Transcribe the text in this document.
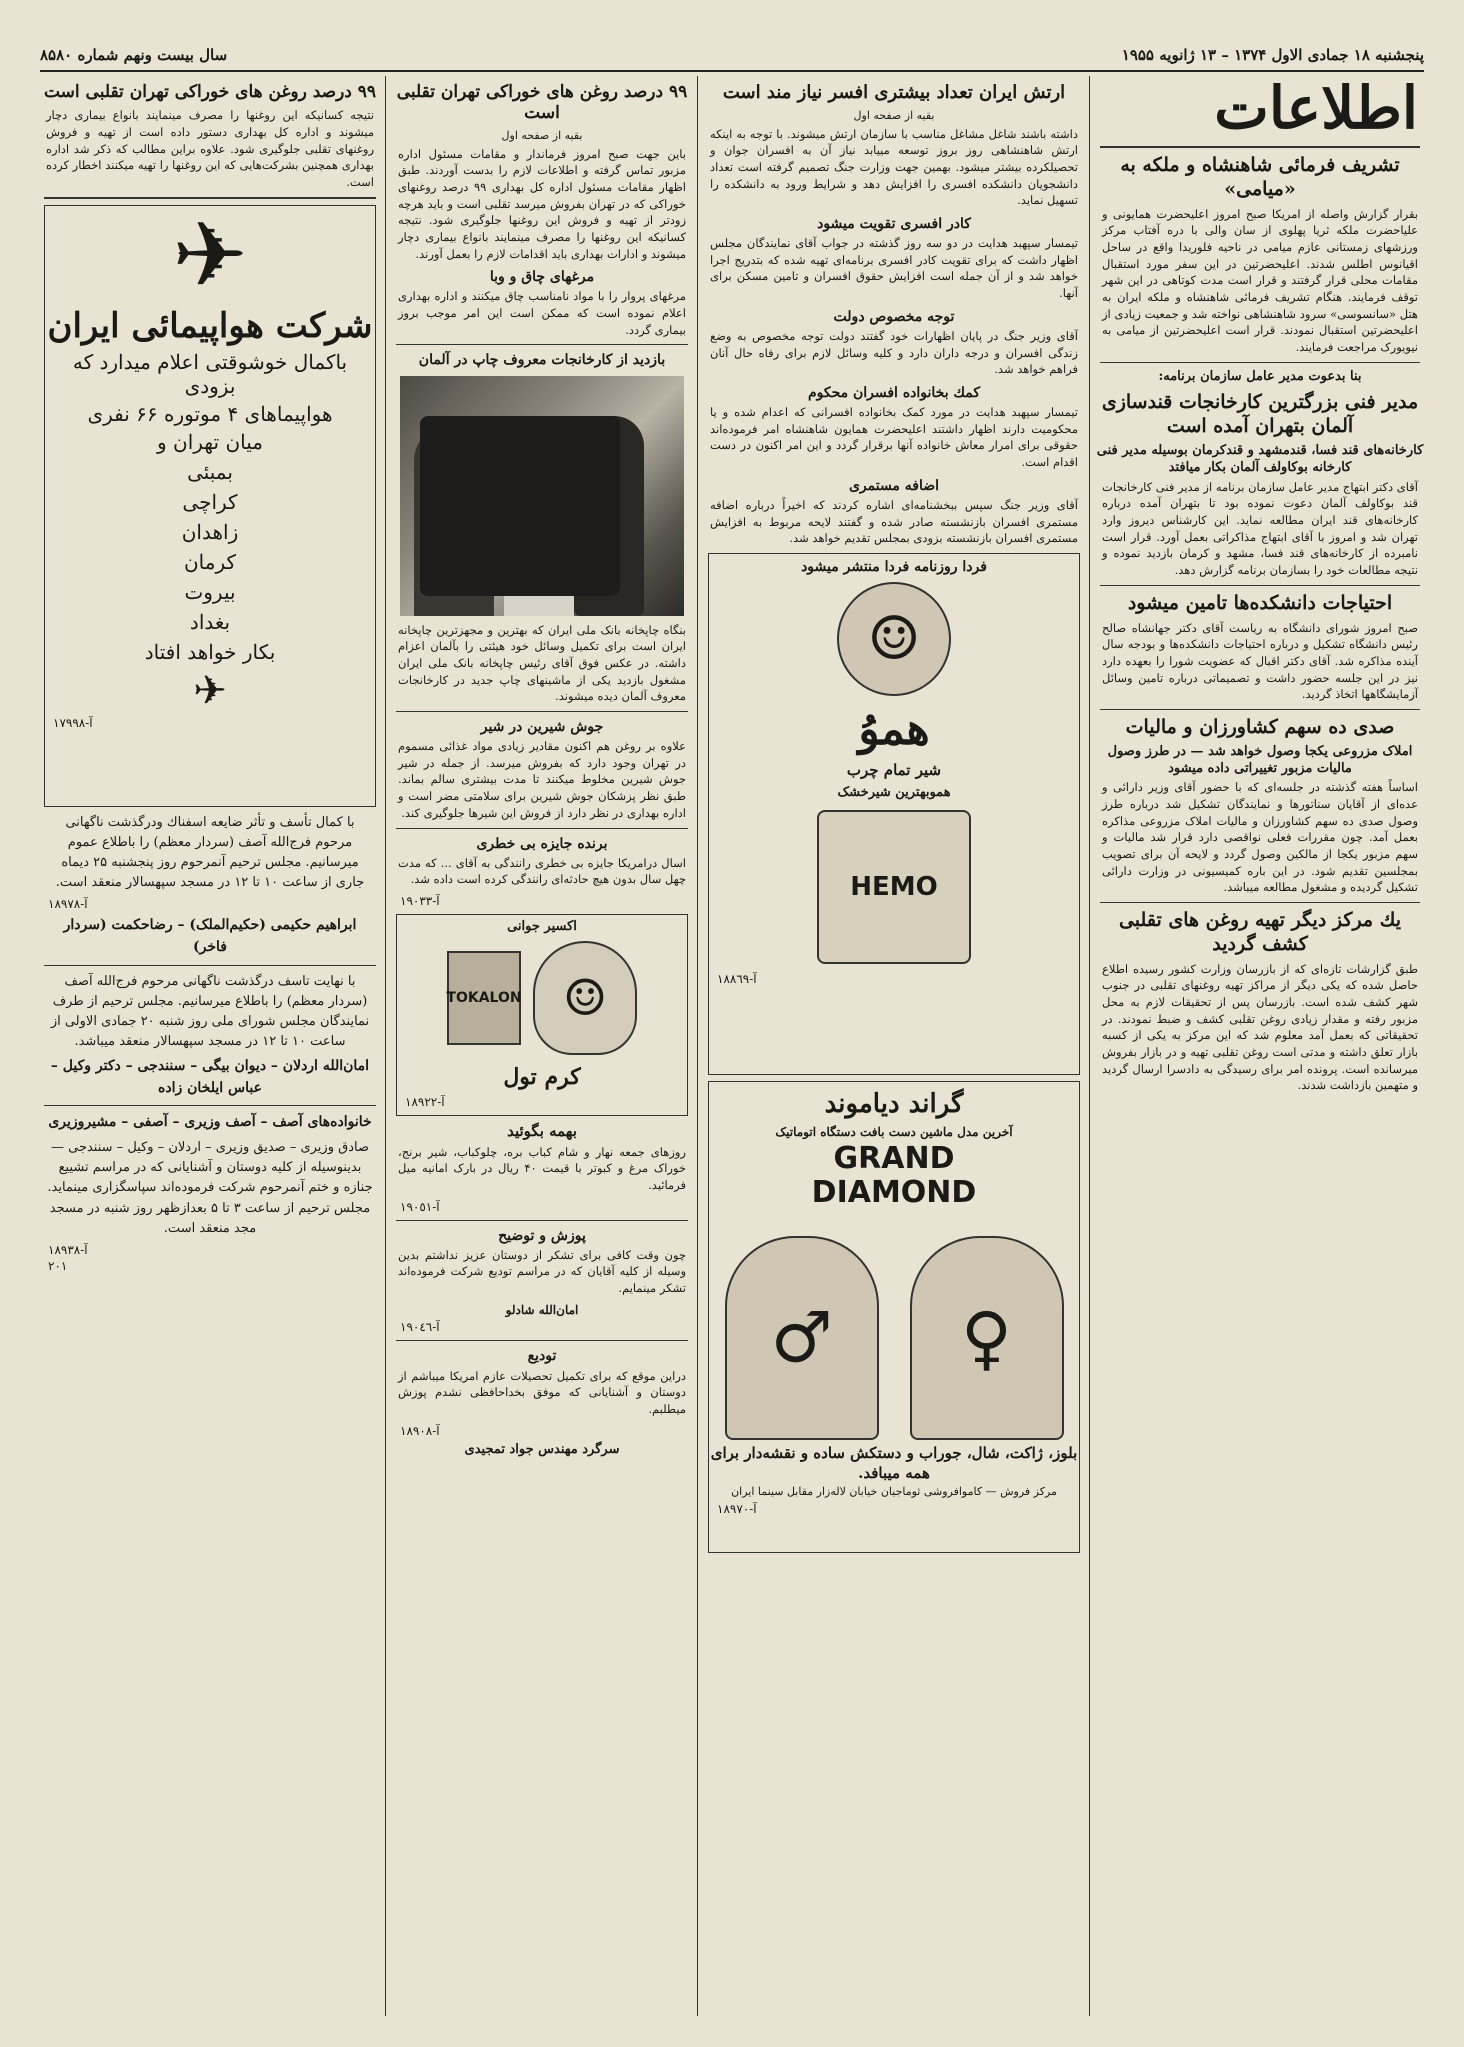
پنجشنبه ۱۸ جمادی الاول ۱۳۷۴ – ۱۳ ژانویه ۱۹۵۵
سال بیست ونهم شماره ۸۵۸۰
اطلاعات
تشریف فرمائی شاهنشاه و ملکه به «میامی»
بقرار گزارش واصله از امریکا صبح امروز اعلیحضرت همایونی و علیاحضرت ملکه ثریا پهلوی از سان والی با دره آفتاب مرکز ورزشهای زمستانی عازم میامی در ناحیه فلوریدا واقع در ساحل اقیانوس اطلس شدند. اعلیحضرتین در این سفر مورد استقبال مقامات محلی قرار گرفتند و قرار است مدت کوتاهی در این شهر توقف فرمایند. هنگام تشریف فرمائی شاهنشاه و ملکه ایران به هتل «سانسوسی» سرود شاهنشاهی نواخته شد و جمعیت زیادی از اعلیحضرتین استقبال نمودند. قرار است اعلیحضرتین از میامی به نیویورک مراجعت فرمایند.
بنا بدعوت مدیر عامل سازمان برنامه:
مدیر فنی بزرگترین کارخانجات قندسازی آلمان بتهران آمده است
کارخانه‌های قند فسا، قندمشهد و قندکرمان بوسیله مدیر فنی کارخانه بوکاولف آلمان بکار میافتد
آقای دکتر ابتهاج مدیر عامل سازمان برنامه از مدیر فنی کارخانجات قند بوکاولف آلمان دعوت نموده بود تا بتهران آمده درباره کارخانه‌های قند ایران مطالعه نماید. این کارشناس دیروز وارد تهران شد و امروز با آقای ابتهاج مذاکراتی بعمل آورد. قرار است نامبرده از کارخانه‌های قند فسا، مشهد و کرمان بازدید نموده و نتیجه مطالعات خود را بسازمان برنامه گزارش دهد.
احتیاجات دانشکده‌ها تامین میشود
صبح امروز شورای دانشگاه به ریاست آقای دکتر جهانشاه صالح رئیس دانشگاه تشکیل و درباره احتیاجات دانشکده‌ها و بودجه سال آینده مذاکره شد. آقای دکتر اقبال که عضویت شورا را بعهده دارد نیز در این جلسه حضور داشت و تصمیماتی درباره تامین وسائل آزمایشگاهها اتخاذ گردید.
صدی ده سهم کشاورزان و مالیات
املاک مزروعی یکجا وصول خواهد شد — در طرز وصول مالیات مزبور تغییراتی داده میشود
اساساً هفته گذشته در جلسه‌ای که با حضور آقای وزیر دارائی و عده‌ای از آقایان سناتورها و نمایندگان تشکیل شد درباره طرز وصول صدی ده سهم کشاورزان و مالیات املاک مزروعی مذاکره بعمل آمد. چون مقررات فعلی نواقصی دارد قرار شد مالیات و سهم مزبور یکجا از مالکین وصول گردد و لایحه آن برای تصویب بمجلسین تقدیم شود. در این باره کمیسیونی در وزارت دارائی تشکیل گردیده و مشغول مطالعه میباشد.
یك مركز دیگر تهیه روغن های تقلبی کشف گردید
طبق گزارشات تازه‌ای که از بازرسان وزارت کشور رسیده اطلاع حاصل شده که یکی دیگر از مراکز تهیه روغنهای تقلبی در جنوب شهر کشف شده است. بازرسان پس از تحقیقات لازم به محل مزبور رفته و مقدار زیادی روغن تقلبی کشف و ضبط نمودند. در تحقیقاتی که بعمل آمد معلوم شد که این مرکز به یکی از کسبه بازار تعلق داشته و مدتی است روغن تقلبی تهیه و در بازار بفروش میرسانده است. پرونده امر برای رسیدگی به دادسرا ارسال گردید و متهمین بازداشت شدند.
ارتش ایران تعداد بیشتری افسر نیاز مند است
بقیه از صفحه اول
داشته باشند شاغل مشاغل مناسب با سازمان ارتش میشوند. با توجه به اینکه ارتش شاهنشاهی روز بروز توسعه مییابد نیاز آن به افسران جوان و تحصیلکرده بیشتر میشود. بهمین جهت وزارت جنگ تصمیم گرفته است تعداد دانشجویان دانشکده افسری را افزایش دهد و شرایط ورود به دانشکده را تسهیل نماید.
کادر افسری تقویت میشود
تیمسار سپهبد هدایت در دو سه روز گذشته در جواب آقای نمایندگان مجلس اظهار داشت که برای تقویت کادر افسری برنامه‌ای تهیه شده که بتدریج اجرا خواهد شد و از آن جمله است افزایش حقوق افسران و تامین مسکن برای آنها.
توجه مخصوص دولت
آقای وزیر جنگ در پایان اظهارات خود گفتند دولت توجه مخصوص به وضع زندگی افسران و درجه داران دارد و کلیه وسائل لازم برای رفاه حال آنان فراهم خواهد شد.
کمك بخانواده افسران محکوم
تیمسار سپهبد هدایت در مورد کمک بخانواده افسرانی که اعدام شده و یا محکومیت دارند اظهار داشتند اعلیحضرت همایون شاهنشاه امر فرموده‌اند حقوقی برای امرار معاش خانواده آنها برقرار گردد و این امر اکنون در دست اقدام است.
اضافه مستمری
آقای وزیر جنگ سپس ببخشنامه‌ای اشاره کردند که اخیراً درباره اضافه مستمری افسران بازنشسته صادر شده و گفتند لایحه مربوط به افزایش مستمری افسران بازنشسته بزودی بمجلس تقدیم خواهد شد.
فردا روزنامه فردا منتشر میشود
☺
هموُ
شیر تمام چرب
هموبهترین شیرخشک
HEMO
آ-١٨٨٦٩
گراند دیاموند
آخرین مدل ماشین دست بافت دستگاه اتوماتیک
GRAND
DIAMOND
♀
♂
بلوز، ژاکت، شال، جوراب و دستکش ساده و نقشه‌دار برای همه میبافد.
مرکز فروش — کاموافروشی ثوماجیان خیابان لاله‌زار مقابل سینما ایران
آ-١٨٩٧٠
۹۹ درصد روغن های خوراکی تهران تقلبی است
بقیه از صفحه اول
باین جهت صبح امروز فرماندار و مقامات مسئول اداره مزبور تماس گرفته و اطلاعات لازم را بدست آوردند. طبق اظهار مقامات مسئول اداره کل بهداری ۹۹ درصد روغنهای خوراکی که در تهران بفروش میرسد تقلبی است و باید هرچه زودتر از تهیه و فروش این روغنها جلوگیری شود. نتیجه کسانیکه این روغنها را مصرف مینمایند بانواع بیماری دچار میشوند و ادارات بهداری باید اقدامات لازم را بعمل آورند.
مرغهای چاق و وبا
مرغهای پروار را با مواد نامناسب چاق میکنند و اداره بهداری اعلام نموده است که ممکن است این امر موجب بروز بیماری گردد.
بازدید از کارخانجات معروف چاپ در آلمان
بنگاه چاپخانه بانک ملی ایران که بهترین و مجهزترین چاپخانه ایران است برای تکمیل وسائل خود هیئتی را بآلمان اعزام داشته. در عکس فوق آقای رئیس چاپخانه بانک ملی ایران مشغول بازدید یکی از ماشینهای چاپ جدید در کارخانجات معروف آلمان دیده میشوند.
جوش شیرین در شیر
علاوه بر روغن هم اکنون مقادیر زیادی مواد غذائی مسموم در تهران وجود دارد که بفروش میرسد. از جمله در شیر جوش شیرین مخلوط میکنند تا مدت بیشتری سالم بماند. طبق نظر پزشکان جوش شیرین برای سلامتی مضر است و اداره بهداری در نظر دارد از فروش این شیرها جلوگیری کند.
برنده جایزه بی خطری
اسال درامریکا جایزه بی خطری رانندگی به آقای ... که مدت چهل سال بدون هیچ حادثه‌ای رانندگی کرده است داده شد.
آ-١٩٠٣٣
اکسیر جوانی
☺
TOKALON
کرم تول
آ-١٨٩٢٢
بهمه بگوئید
روزهای جمعه نهار و شام کباب بره، چلوکباب، شیر برنج، خوراک مرغ و کبوتر با قیمت ۴۰ ریال در بارک امانیه میل فرمائید.
آ-١٩٠٥١
پوزش و توضیح
چون وقت کافی برای تشکر از دوستان عزیز نداشتم بدین وسیله از کلیه آقایان که در مراسم تودیع شرکت فرموده‌اند تشکر مینمایم.
امان‌الله شادلو
آ-١٩٠٤٦
تودیع
دراین موقع که برای تکمیل تحصیلات عازم امریکا میباشم از دوستان و آشنایانی که موفق بخداحافظی نشدم پوزش میطلبم.
آ-١٨٩٠٨
سرگرد مهندس جواد تمجیدی
۹۹ درصد روغن های خوراکی تهران تقلبی است
نتیجه کسانیکه این روغنها را مصرف مینمایند بانواع بیماری دچار میشوند و اداره کل بهداری دستور داده است از تهیه و فروش روغنهای تقلبی جلوگیری شود. علاوه براین مطالب که ذکر شد اداره بهداری همچنین بشرکت‌هایی که این روغنها را تهیه میکنند اخطار کرده است.
✈
شرکت هواپیمائی ایران
باکمال خوشوقتی اعلام میدارد که بزودی
هواپیماهای ۴ موتوره ۶۶ نفری
میان تهران و
بمبئی
کراچی
زاهدان
کرمان
بیروت
بغداد
بکار خواهد افتاد
✈
آ-١٧٩٩٨
با کمال تأسف و تأثر ضایعه اسفناك ودرگذشت ناگهانی مرحوم فرج‌الله آصف (سردار معظم) را باطلاع عموم میرسانیم. مجلس ترحیم آنمرحوم روز پنجشنبه ۲۵ دیماه جاری از ساعت ۱۰ تا ۱۲ در مسجد سپهسالار منعقد است.
آ-١٨٩٧٨
ابراهیم حکیمی (حکیم‌الملک) – رضاحکمت (سردار فاخر)
با نهایت تاسف درگذشت ناگهانی مرحوم فرج‌الله آصف (سردار معظم) را باطلاع میرسانیم. مجلس ترحیم از طرف نمایندگان مجلس شورای ملی روز شنبه ۲۰ جمادی الاولی از ساعت ۱۰ تا ۱۲ در مسجد سپهسالار منعقد میباشد.
امان‌الله اردلان – دیوان بیگی – سنندجی – دکتر وکیل – عباس ایلخان زاده
خانواده‌های آصف – آصف وزیری – آصفی – مشیروزیری
صادق وزیری – صدیق وزیری – اردلان – وکیل – سنندجی — بدینوسیله از کلیه دوستان و آشنایانی که در مراسم تشییع جنازه و ختم آنمرحوم شرکت فرموده‌اند سپاسگزاری مینماید. مجلس ترحیم از ساعت ۳ تا ۵ بعدازظهر روز شنبه در مسجد مجد منعقد است.
آ-١٨٩٣٨
٢٠١
